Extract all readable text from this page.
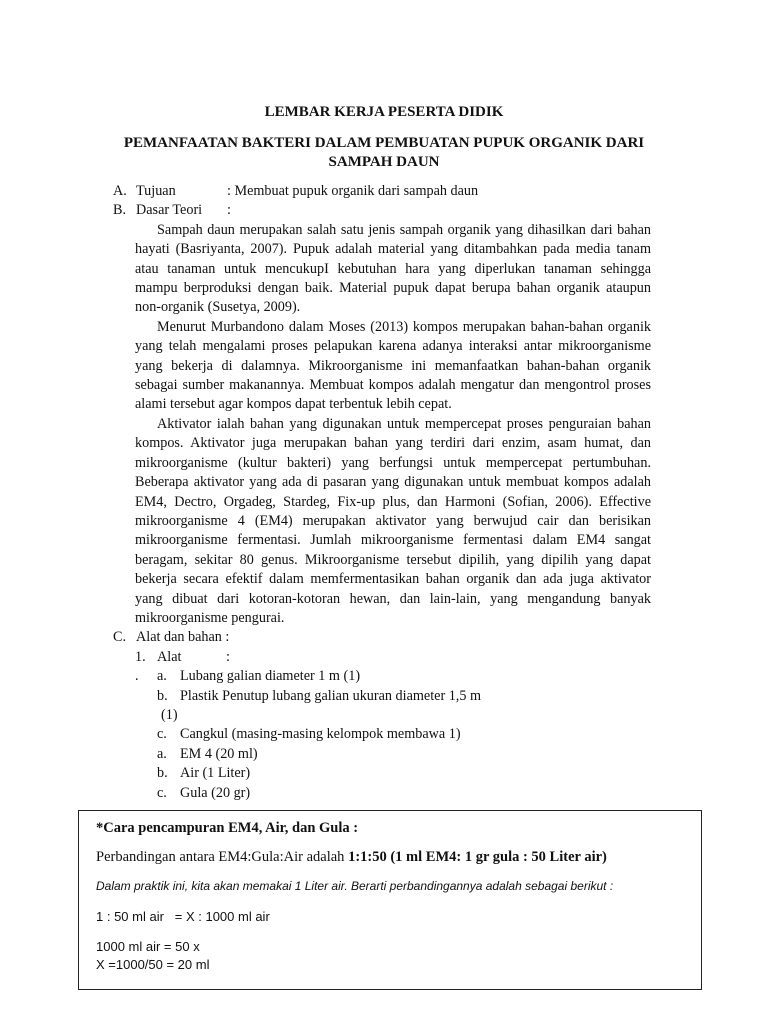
LEMBAR KERJA PESERTA DIDIK
PEMANFAATAN BAKTERI DALAM PEMBUATAN PUPUK ORGANIK DARI SAMPAH DAUN
A. Tujuan	: Membuat pupuk organik dari sampah daun
B. Dasar Teori	:

Sampah daun merupakan salah satu jenis sampah organik yang dihasilkan dari bahan hayati (Basriyanta, 2007). Pupuk adalah material yang ditambahkan pada media tanam atau tanaman untuk mencukupI kebutuhan hara yang diperlukan tanaman sehingga mampu berproduksi dengan baik. Material pupuk dapat berupa bahan organik ataupun non-organik (Susetya, 2009).

Menurut Murbandono dalam Moses (2013) kompos merupakan bahan-bahan organik yang telah mengalami proses pelapukan karena adanya interaksi antar mikroorganisme yang bekerja di dalamnya. Mikroorganisme ini memanfaatkan bahan-bahan organik sebagai sumber makanannya. Membuat kompos adalah mengatur dan mengontrol proses alami tersebut agar kompos dapat terbentuk lebih cepat.

Aktivator ialah bahan yang digunakan untuk mempercepat proses penguraian bahan kompos. Aktivator juga merupakan bahan yang terdiri dari enzim, asam humat, dan mikroorganisme (kultur bakteri) yang berfungsi untuk mempercepat pertumbuhan. Beberapa aktivator yang ada di pasaran yang digunakan untuk membuat kompos adalah EM4, Dectro, Orgadeg, Stardeg, Fix-up plus, dan Harmoni (Sofian, 2006). Effective mikroorganisme 4 (EM4) merupakan aktivator yang berwujud cair dan berisikan mikroorganisme fermentasi. Jumlah mikroorganisme fermentasi dalam EM4 sangat beragam, sekitar 80 genus. Mikroorganisme tersebut dipilih, yang dipilih yang dapat bekerja secara efektif dalam memfermentasikan bahan organik dan ada juga aktivator yang dibuat dari kotoran-kotoran hewan, dan lain-lain, yang mengandung banyak mikroorganisme pengurai.

C. Alat dan bahan :
1. Alat	:
.	a. Lubang galian diameter 1 m (1)
b. Plastik Penutup lubang galian ukuran diameter 1,5 m
(1)
c. Cangkul (masing-masing kelompok membawa 1)
a. EM 4 (20 ml)
b. Air (1 Liter)
c. Gula (20 gr)
*Cara pencampuran EM4, Air, dan Gula :
Perbandingan antara EM4:Gula:Air adalah 1:1:50 (1 ml EM4: 1 gr gula : 50 Liter air)
Dalam praktik ini, kita akan memakai 1 Liter air. Berarti perbandingannya adalah sebagai berikut :
1 : 50 ml air   = X : 1000 ml air
1000 ml air = 50 x
X =1000/50 = 20 ml
